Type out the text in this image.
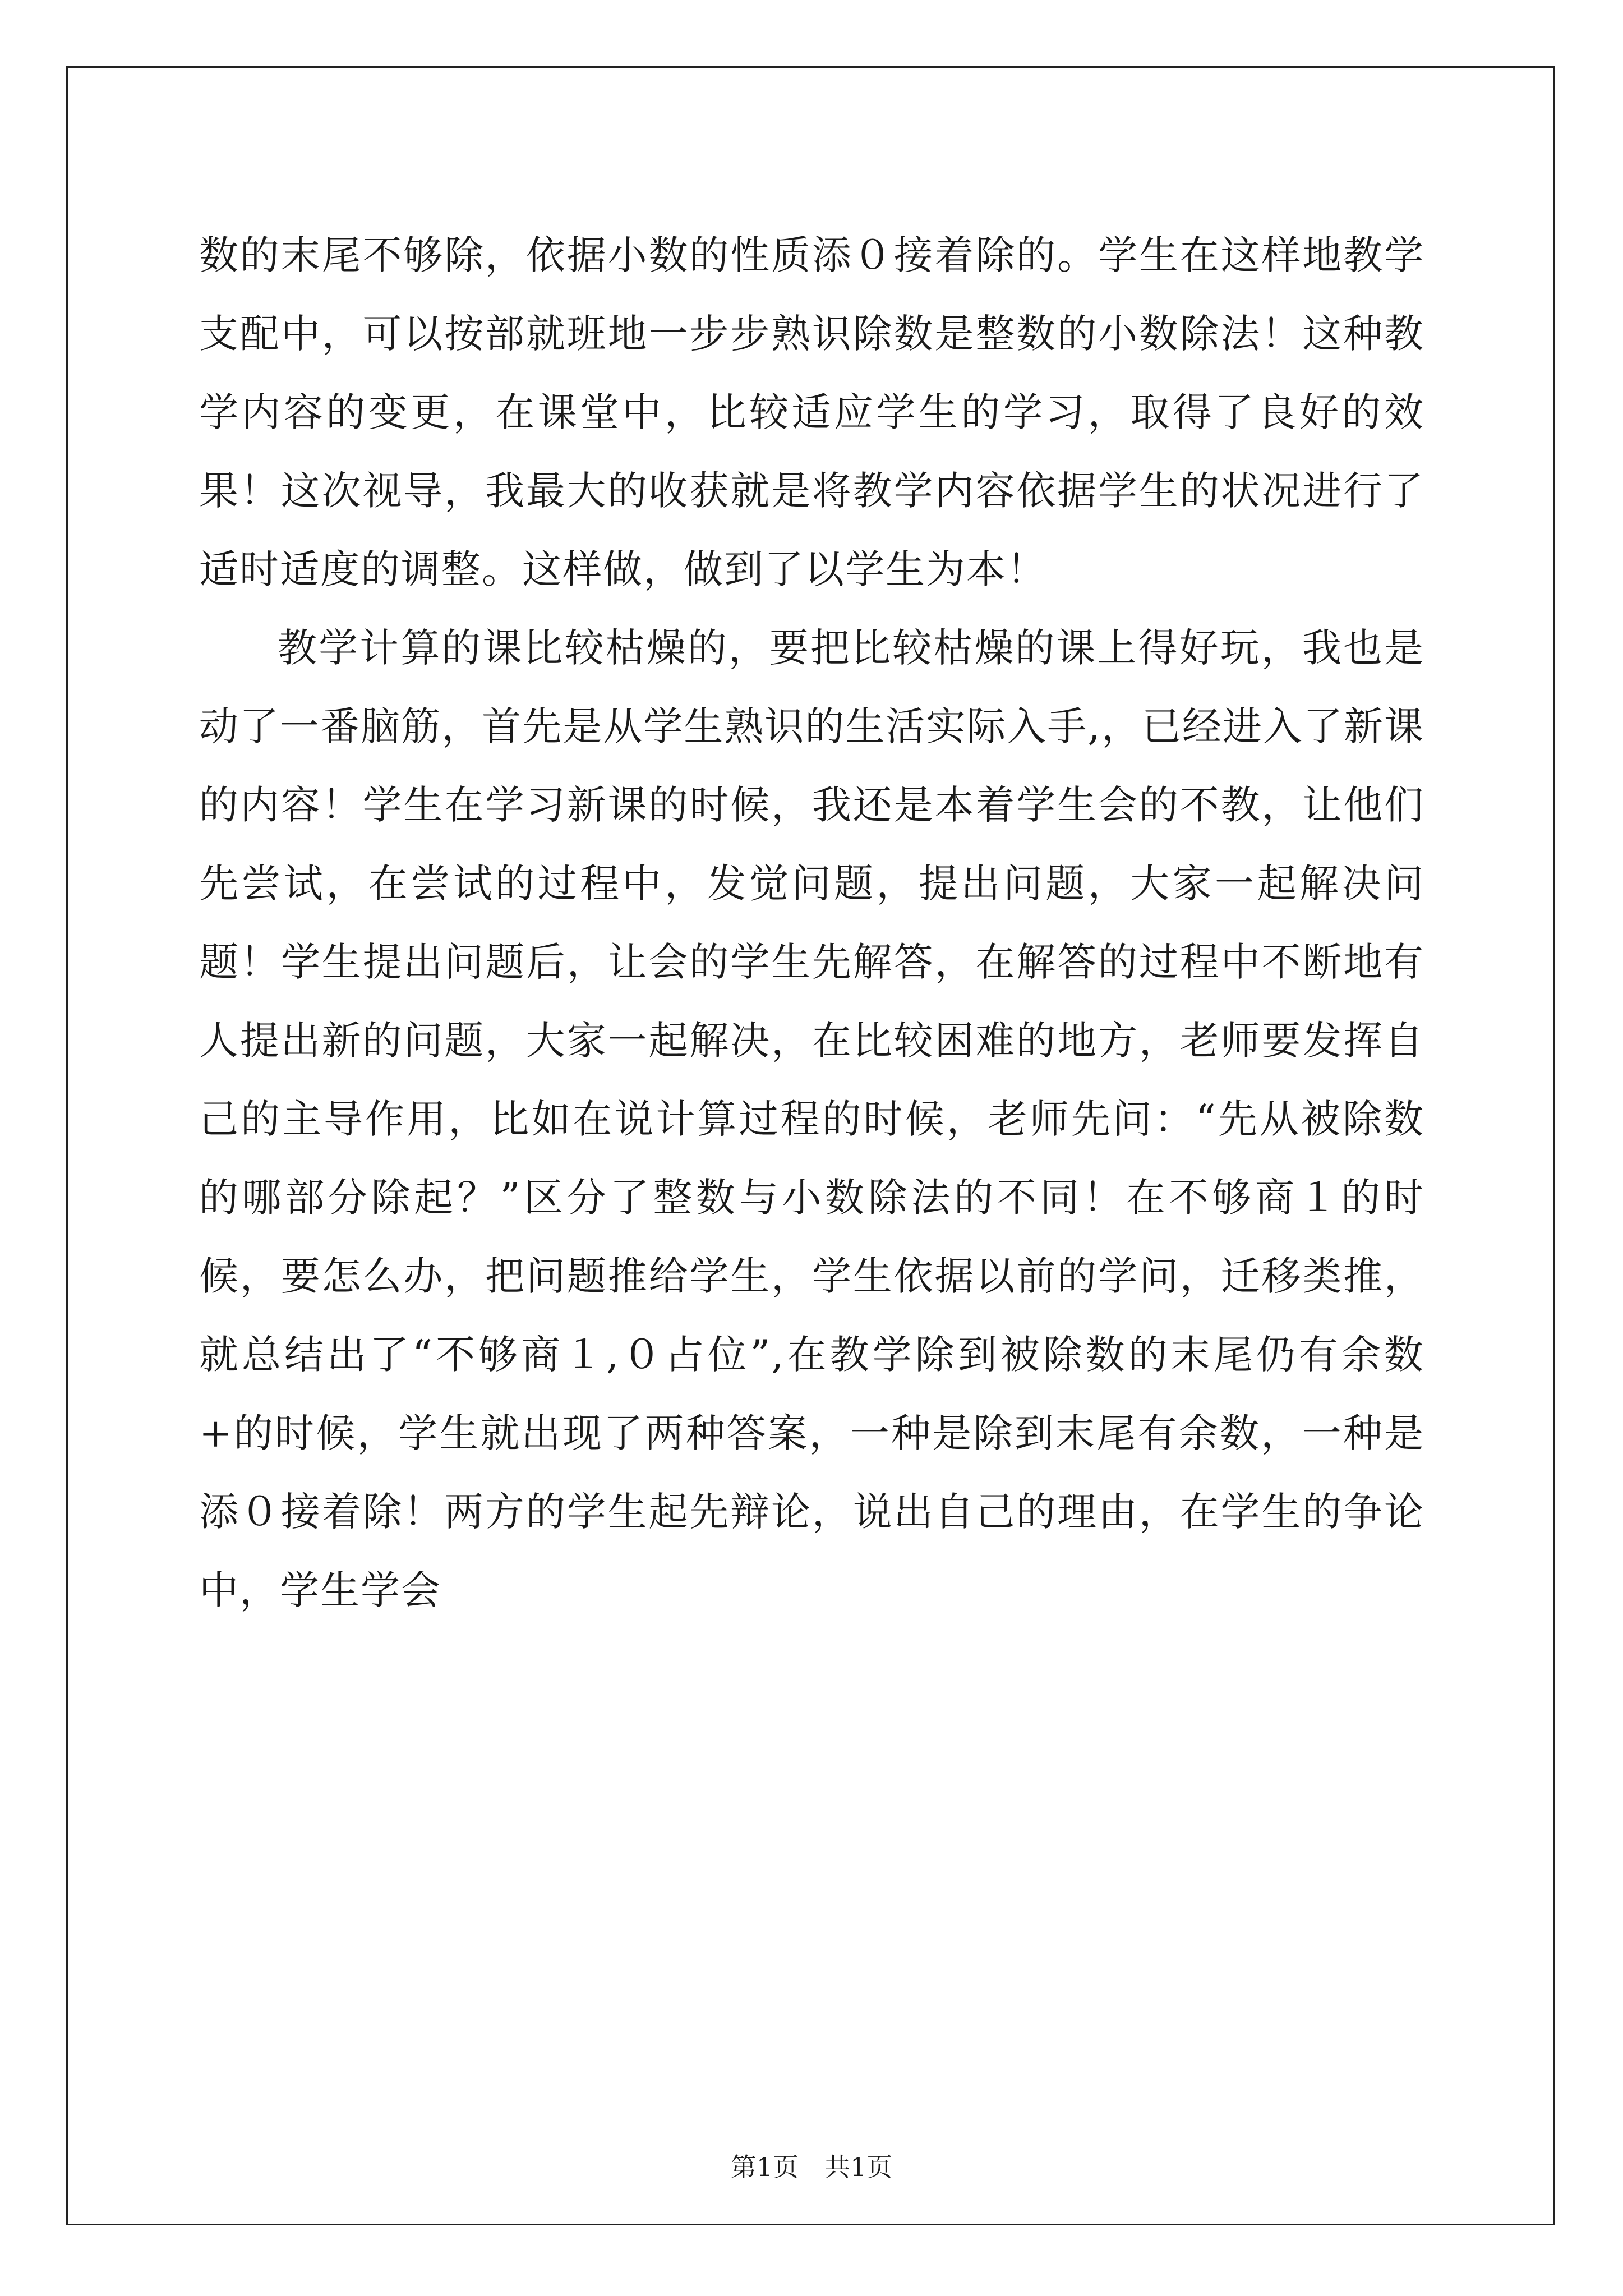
数的末尾不够除，依据小数的性质添０接着除的。学生在这样地教学支配中，可以按部就班地一步步熟识除数是整数的小数除法！这种教学内容的变更，在课堂中，比较适应学生的学习，取得了良好的效果！这次视导，我最大的收获就是将教学内容依据学生的状况进行了适时适度的调整。这样做，做到了以学生为本！

教学计算的课比较枯燥的，要把比较枯燥的课上得好玩，我也是动了一番脑筋，首先是从学生熟识的生活实际入手,，已经进入了新课的内容！学生在学习新课的时候，我还是本着学生会的不教，让他们先尝试，在尝试的过程中，发觉问题，提出问题，大家一起解决问题！学生提出问题后，让会的学生先解答，在解答的过程中不断地有人提出新的问题，大家一起解决，在比较困难的地方，老师要发挥自己的主导作用，比如在说计算过程的时候，老师先问：“先从被除数的哪部分除起？”区分了整数与小数除法的不同！在不够商１的时候，要怎么办，把问题推给学生，学生依据以前的学问，迁移类推，就总结出了“不够商１,０占位”,在教学除到被除数的末尾仍有余数+的时候，学生就出现了两种答案，一种是除到末尾有余数，一种是添０接着除！两方的学生起先辩论，说出自己的理由，在学生的争论中，学生学会

第1页 共1页
